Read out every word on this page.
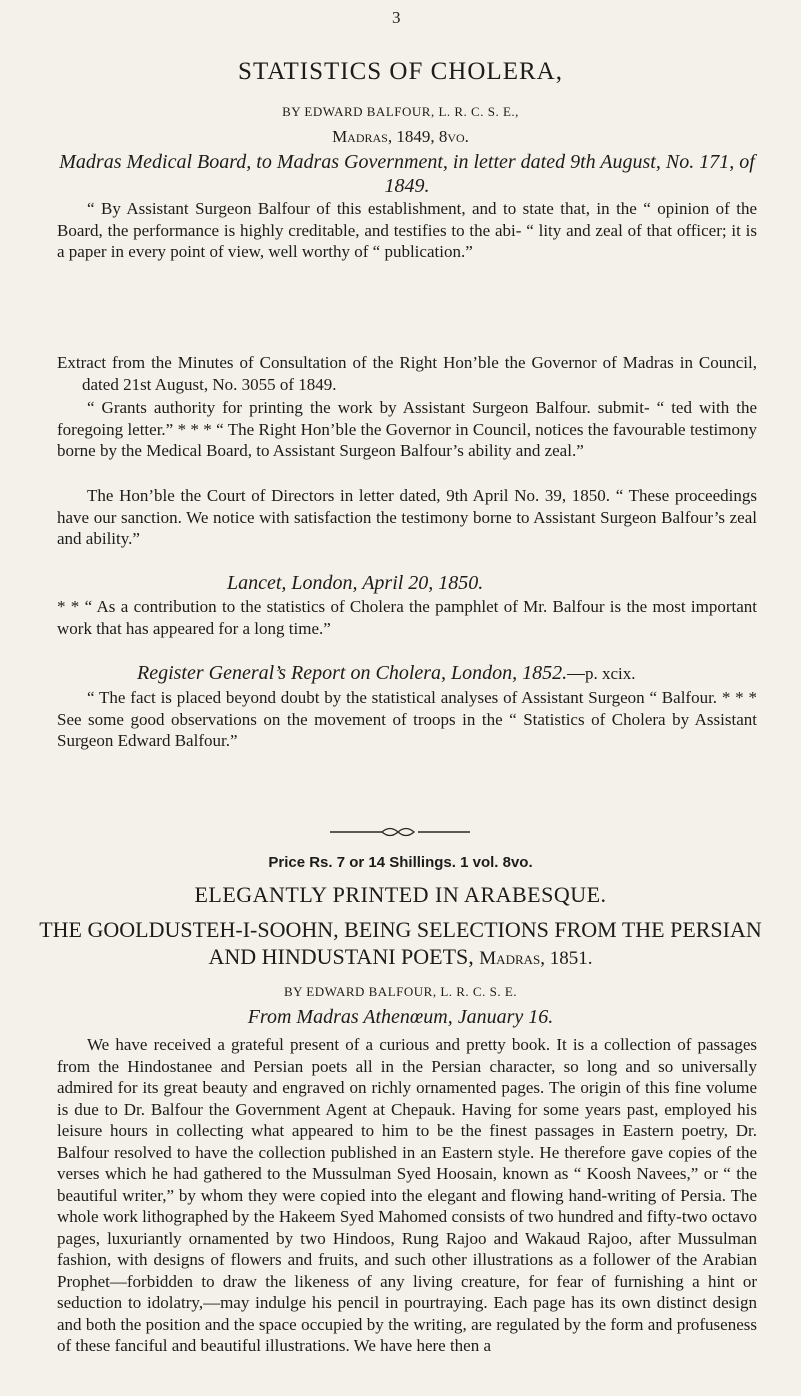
3
STATISTICS OF CHOLERA,
BY EDWARD BALFOUR, L. R. C. S. E.,
Madras, 1849, 8vo.

Madras Medical Board, to Madras Government, in letter dated 9th August, No. 171, of 1849.

“ By Assistant Surgeon Balfour of this establishment, and to state that, in the “ opinion of the Board, the performance is highly creditable, and testifies to the abi- “ lity and zeal of that officer; it is a paper in every point of view, well worthy of “ publication.”

Extract from the Minutes of Consultation of the Right Hon’ble the Governor of Madras in Council, dated 21st August, No. 3055 of 1849.

“ Grants authority for printing the work by Assistant Surgeon Balfour. submit- “ ted with the foregoing letter.” * * * “ The Right Hon’ble the Governor in Council, notices the favourable testimony borne by the Medical Board, to Assistant Surgeon Balfour’s ability and zeal.”

The Hon’ble the Court of Directors in letter dated, 9th April No. 39, 1850. “ These proceedings have our sanction. We notice with satisfaction the testimony borne to Assistant Surgeon Balfour’s zeal and ability.”

Lancet, London, April 20, 1850.

* * “ As a contribution to the statistics of Cholera the pamphlet of Mr. Balfour is the most important work that has appeared for a long time.”

Register General’s Report on Cholera, London, 1852.—p. xcix.

“ The fact is placed beyond doubt by the statistical analyses of Assistant Surgeon “ Balfour. * * * See some good observations on the movement of troops in the “ Statistics of Cholera by Assistant Surgeon Edward Balfour.”

Price Rs. 7 or 14 Shillings. 1 vol. 8vo.
ELEGANTLY PRINTED IN ARABESQUE.
THE GOOLDUSTEH-I-SOOHN, BEING SELECTIONS FROM THE PERSIAN AND HINDUSTANI POETS, Madras, 1851.
BY EDWARD BALFOUR, L. R. C. S. E.
From Madras Athenœum, January 16.

We have received a grateful present of a curious and pretty book. It is a collection of passages from the Hindostanee and Persian poets all in the Persian character, so long and so universally admired for its great beauty and engraved on richly ornamented pages. The origin of this fine volume is due to Dr. Balfour the Government Agent at Chepauk. Having for some years past, employed his leisure hours in collecting what appeared to him to be the finest passages in Eastern poetry, Dr. Balfour resolved to have the collection published in an Eastern style. He therefore gave copies of the verses which he had gathered to the Mussulman Syed Hoosain, known as “ Koosh Navees,” or “ the beautiful writer,” by whom they were copied into the elegant and flowing hand-writing of Persia. The whole work lithographed by the Hakeem Syed Mahomed consists of two hundred and fifty-two octavo pages, luxuriantly ornamented by two Hindoos, Rung Rajoo and Wakaud Rajoo, after Mussulman fashion, with designs of flowers and fruits, and such other illustrations as a follower of the Arabian Prophet—forbidden to draw the likeness of any living creature, for fear of furnishing a hint or seduction to idolatry,—may indulge his pencil in pourtraying. Each page has its own distinct design and both the position and the space occupied by the writing, are regulated by the form and profuseness of these fanciful and beautiful illustrations. We have here then a
